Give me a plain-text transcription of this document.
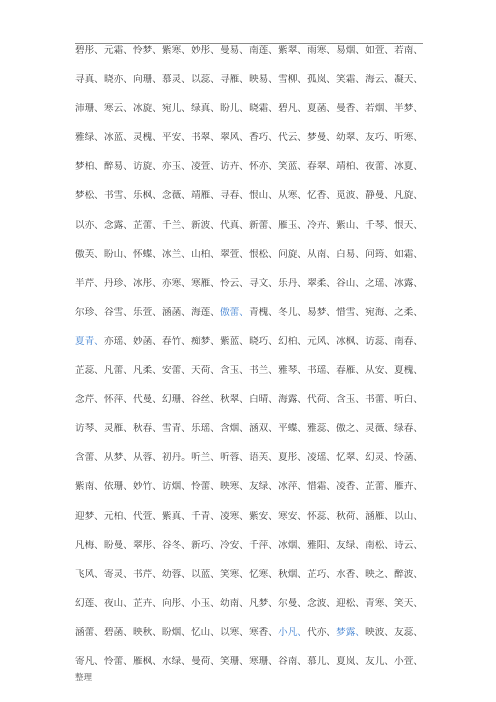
碧彤、 元霜、 怜梦、 紫寒、 妙彤、 曼易、 南莲、 紫翠、 雨寒、 易烟、 如萱、 若南、
寻真、 晓亦、 向珊、 慕灵、 以蕊、 寻雁、 映易、 雪柳、 孤岚、 笑霜、 海云、 凝天、
沛珊、 寒云、 冰旋、 宛儿、 绿真、 盼儿、 晓霜、 碧凡、 夏菡、 曼香、 若烟、 半梦、
雅绿、 冰蓝、 灵槐、 平安、 书翠、 翠风、 香巧、 代云、 梦曼、 幼翠、 友巧、 听寒、
梦柏、 醉易、 访旋、 亦玉、 凌萱、 访卉、 怀亦、 笑蓝、 春翠、 靖柏、 夜蕾、 冰夏、
梦松、 书雪、 乐枫、 念薇、 靖雁、 寻春、 恨山、 从寒、 忆香、 觅波、 静曼、 凡旋、
以亦、 念露、 芷蕾、 千兰、 新波、 代真、 新蕾、 雁玉、 冷卉、 紫山、 千琴、 恨天、
傲芙、 盼山、 怀蝶、 冰兰、 山柏、 翠萱、 恨松、 问旋、 从南、 白易、 问筠、 如霜、
半芹、 丹珍、 冰彤、 亦寒、 寒雁、 怜云、 寻文、 乐丹、 翠柔、 谷山、 之瑶、 冰露、
尔珍、 谷雪、 乐萱、 涵菡、 海莲、 傲蕾、 青槐、 冬儿、 易梦、 惜雪、 宛海、 之柔、
夏青、 亦瑶、 妙菡、 春竹、 痴梦、 紫蓝、 晓巧、 幻柏、 元风、 冰枫、 访蕊、 南春、
芷蕊、 凡蕾、 凡柔、 安蕾、 天荷、 含玉、 书兰、 雅琴、 书瑶、 春雁、 从安、 夏槐、
念芹、 怀萍、 代曼、 幻珊、 谷丝、 秋翠、 白晴、 海露、 代荷、 含玉、 书蕾、 听白、
访琴、 灵雁、 秋春、 雪青、 乐瑶、 含烟、 涵双、 平蝶、 雅蕊、 傲之、 灵薇、 绿春、
含蕾、 从梦、 从蓉、 初丹。 听兰、 听蓉、 语芙、 夏彤、 凌瑶、 忆翠、 幻灵、 怜菡、
紫南、 依珊、 妙竹、 访烟、 怜蕾、 映寒、 友绿、 冰萍、 惜霜、 凌香、 芷蕾、 雁卉、
迎梦、 元柏、 代萱、 紫真、 千青、 凌寒、 紫安、 寒安、 怀蕊、 秋荷、 涵雁、 以山、
凡梅、 盼曼、 翠彤、 谷冬、 新巧、 冷安、 千萍、 冰烟、 雅阳、 友绿、 南松、 诗云、
飞风、 寄灵、 书芹、 幼蓉、 以蓝、 笑寒、 忆寒、 秋烟、 芷巧、 水香、 映之、 醉波、
幻莲、 夜山、 芷卉、 向彤、 小玉、 幼南、 凡梦、 尔曼、 念波、 迎松、 青寒、 笑天、
涵蕾、 碧菡、 映秋、 盼烟、 忆山、 以寒、 寒香、 小凡、 代亦、 梦露、 映波、 友蕊、
寄凡、 怜蕾、 雁枫、 水绿、 曼荷、 笑珊、 寒珊、 谷南、 慕儿、 夏岚、 友儿、 小萱、
整理
